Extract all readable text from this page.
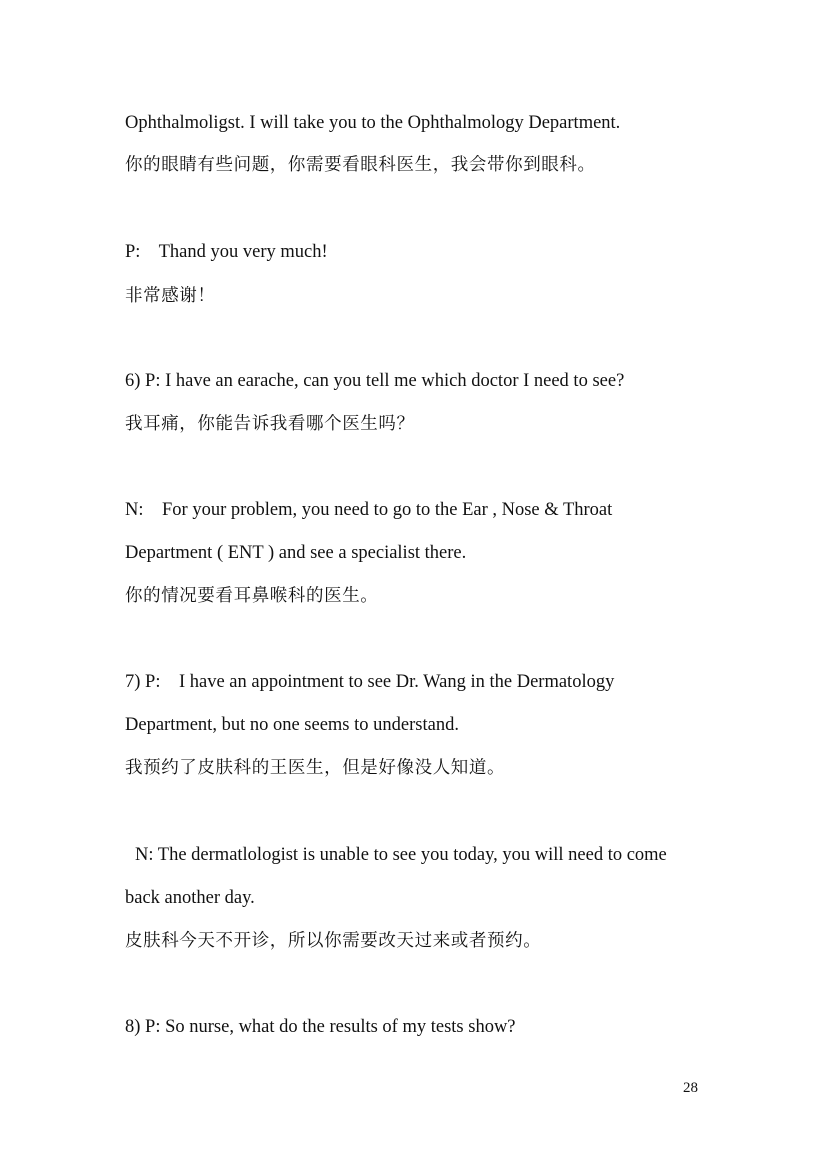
Ophthalmoligst. I will take you to the Ophthalmology Department.
你的眼睛有些问题，你需要看眼科医生，我会带你到眼科。
P:    Thand you very much!
非常感谢！
6) P: I have an earache, can you tell me which doctor I need to see?
我耳痛，你能告诉我看哪个医生吗？
N:    For your problem, you need to go to the Ear , Nose & Throat
Department ( ENT ) and see a specialist there.
你的情况要看耳鼻喉科的医生。
7) P:    I have an appointment to see Dr. Wang in the Dermatology
Department, but no one seems to understand.
我预约了皮肤科的王医生，但是好像没人知道。
N: The dermatlologist is unable to see you today, you will need to come
back another day.
皮肤科今天不开诊，所以你需要改天过来或者预约。
8) P: So nurse, what do the results of my tests show?
28
